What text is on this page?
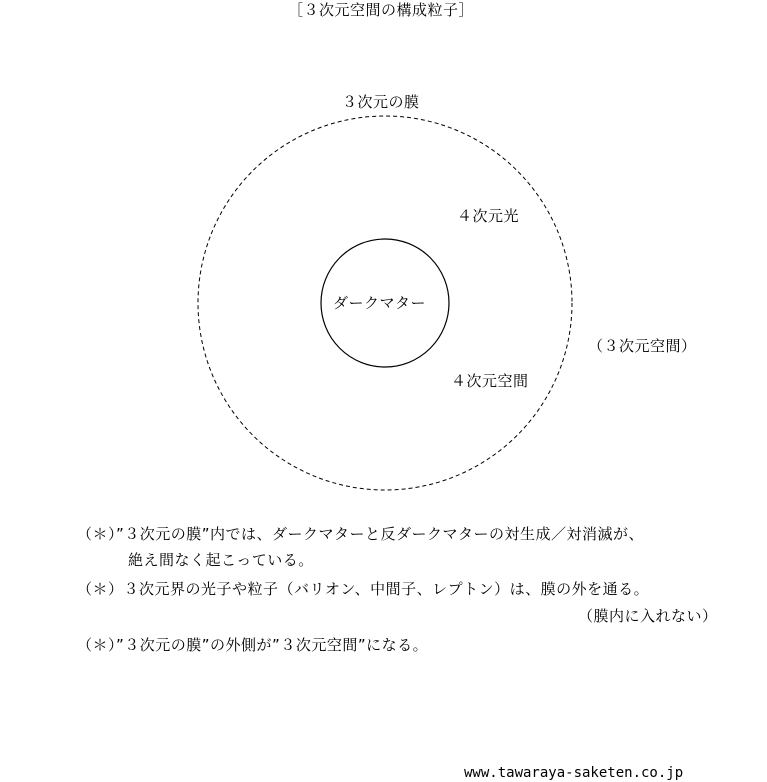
［３次元空間の構成粒子］
３次元の膜
４次元光
ダークマター
（３次元空間）
４次元空間
（＊）”３次元の膜”内では、ダークマターと反ダークマターの対生成／対消滅が、
絶え間なく起こっている。
（＊）３次元界の光子や粒子（バリオン、中間子、レプトン）は、膜の外を通る。
（膜内に入れない）
（＊）”３次元の膜”の外側が”３次元空間”になる。
www.tawaraya-saketen.co.jp
